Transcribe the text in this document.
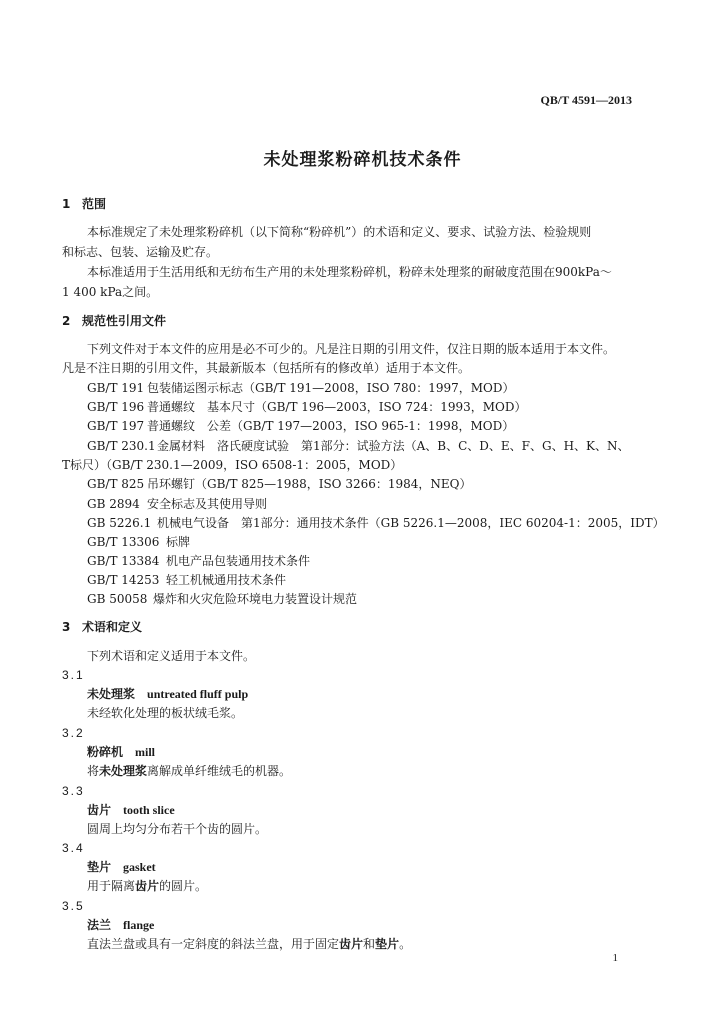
QB/T 4591—2013
未处理浆粉碎机技术条件
1 范围
本标准规定了未处理浆粉碎机（以下简称“粉碎机”）的术语和定义、要求、试验方法、检验规则
和标志、包装、运输及贮存。
本标准适用于生活用纸和无纺布生产用的未处理浆粉碎机，粉碎未处理浆的耐破度范围在900kPa～
1 400 kPa之间。
2 规范性引用文件
下列文件对于本文件的应用是必不可少的。凡是注日期的引用文件，仅注日期的版本适用于本文件。
凡是不注日期的引用文件，其最新版本（包括所有的修改单）适用于本文件。
GB/T 191 包装储运图示标志（GB/T 191—2008，ISO 780：1997，MOD）
GB/T 196 普通螺纹　基本尺寸（GB/T 196—2003，ISO 724：1993，MOD）
GB/T 197 普通螺纹　公差（GB/T 197—2003，ISO 965-1：1998，MOD）
GB/T 230.1金属材料　洛氏硬度试验　第1部分：试验方法（A、B、C、D、E、F、G、H、K、N、
T标尺）（GB/T 230.1—2009，ISO 6508-1：2005，MOD）
GB/T 825 吊环螺钉（GB/T 825—1988，ISO 3266：1984，NEQ）
GB 2894 安全标志及其使用导则
GB 5226.1 机械电气设备　第1部分：通用技术条件（GB 5226.1—2008，IEC 60204-1：2005，IDT）
GB/T 13306 标牌
GB/T 13384 机电产品包装通用技术条件
GB/T 14253 轻工机械通用技术条件
GB 50058 爆炸和火灾危险环境电力装置设计规范
3 术语和定义
下列术语和定义适用于本文件。
3.1
未处理浆 untreated fluff pulp
未经软化处理的板状绒毛浆。
3.2
粉碎机 mill
将未处理浆离解成单纤维绒毛的机器。
3.3
齿片 tooth slice
圆周上均匀分布若干个齿的圆片。
3.4
垫片 gasket
用于隔离齿片的圆片。
3.5
法兰 flange
直法兰盘或具有一定斜度的斜法兰盘，用于固定齿片和垫片。
1
